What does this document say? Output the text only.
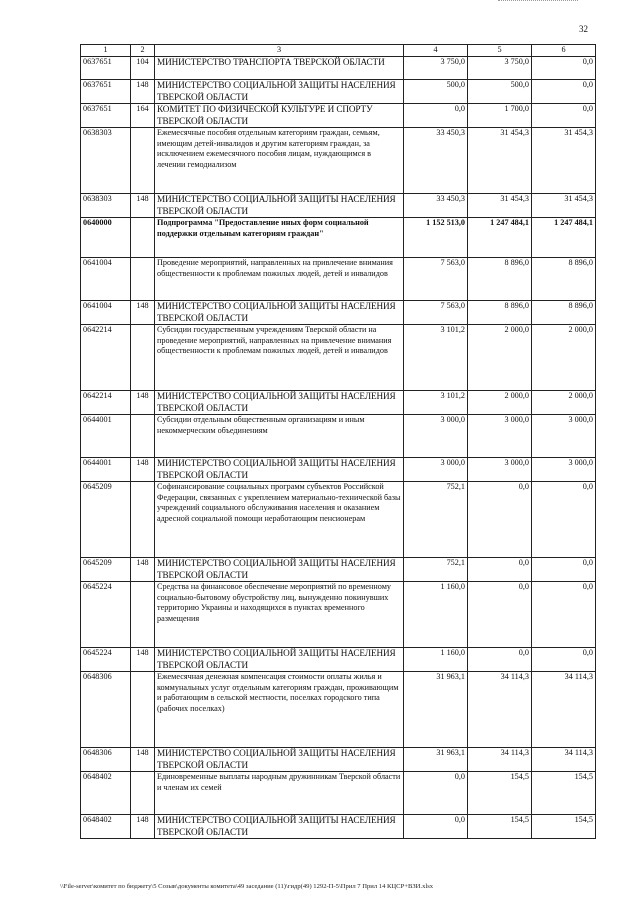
32
1	2	3	4	5	6
0637651	104	МИНИСТЕРСТВО ТРАНСПОРТА ТВЕРСКОЙ ОБЛАСТИ	3 750,0	3 750,0	0,0
0637651	148	МИНИСТЕРСТВО СОЦИАЛЬНОЙ ЗАЩИТЫ НАСЕЛЕНИЯ ТВЕРСКОЙ ОБЛАСТИ	500,0	500,0	0,0
0637651	164	КОМИТЕТ ПО ФИЗИЧЕСКОЙ КУЛЬТУРЕ И СПОРТУ ТВЕРСКОЙ ОБЛАСТИ	0,0	1 700,0	0,0
0638303		Ежемесячные пособия отдельным категориям граждан, семьям, имеющим детей-инвалидов и другим категориям граждан, за исключением ежемесячного пособия лицам, нуждающимся в лечении гемодиализом	33 450,3	31 454,3	31 454,3
0638303	148	МИНИСТЕРСТВО СОЦИАЛЬНОЙ ЗАЩИТЫ НАСЕЛЕНИЯ ТВЕРСКОЙ ОБЛАСТИ	33 450,3	31 454,3	31 454,3
0640000		Подпрограмма "Предоставление иных форм социальной поддержки отдельным категориям граждан"	1 152 513,0	1 247 484,1	1 247 484,1
0641004		Проведение мероприятий, направленных на привлечение внимания общественности к проблемам пожилых людей, детей и инвалидов	7 563,0	8 896,0	8 896,0
0641004	148	МИНИСТЕРСТВО СОЦИАЛЬНОЙ ЗАЩИТЫ НАСЕЛЕНИЯ ТВЕРСКОЙ ОБЛАСТИ	7 563,0	8 896,0	8 896,0
0642214		Субсидии государственным учреждениям Тверской области на проведение мероприятий, направленных на привлечение внимания общественности к проблемам пожилых людей, детей и инвалидов	3 101,2	2 000,0	2 000,0
0642214	148	МИНИСТЕРСТВО СОЦИАЛЬНОЙ ЗАЩИТЫ НАСЕЛЕНИЯ ТВЕРСКОЙ ОБЛАСТИ	3 101,2	2 000,0	2 000,0
0644001		Субсидии отдельным общественным организациям и иным некоммерческим объединениям	3 000,0	3 000,0	3 000,0
0644001	148	МИНИСТЕРСТВО СОЦИАЛЬНОЙ ЗАЩИТЫ НАСЕЛЕНИЯ ТВЕРСКОЙ ОБЛАСТИ	3 000,0	3 000,0	3 000,0
0645209		Софинансирование социальных программ субъектов Российской Федерации, связанных с укреплением материально-технической базы учреждений социального обслуживания населения и оказанием адресной социальной помощи неработающим пенсионерам	752,1	0,0	0,0
0645209	148	МИНИСТЕРСТВО СОЦИАЛЬНОЙ ЗАЩИТЫ НАСЕЛЕНИЯ ТВЕРСКОЙ ОБЛАСТИ	752,1	0,0	0,0
0645224		Средства на финансовое обеспечение мероприятий по временному социально-бытовому обустройству лиц, вынужденно покинувших территорию Украины и находящихся в пунктах временного размещения	1 160,0	0,0	0,0
0645224	148	МИНИСТЕРСТВО СОЦИАЛЬНОЙ ЗАЩИТЫ НАСЕЛЕНИЯ ТВЕРСКОЙ ОБЛАСТИ	1 160,0	0,0	0,0
0648306		Ежемесячная денежная компенсация стоимости оплаты жилья и коммунальных услуг отдельным категориям граждан, проживающим и работающим в сельской местности, поселках городского типа (рабочих поселках)	31 963,1	34 114,3	34 114,3
0648306	148	МИНИСТЕРСТВО СОЦИАЛЬНОЙ ЗАЩИТЫ НАСЕЛЕНИЯ ТВЕРСКОЙ ОБЛАСТИ	31 963,1	34 114,3	34 114,3
0648402		Единовременные выплаты народным дружинникам Тверской области и членам их семей	0,0	154,5	154,5
0648402	148	МИНИСТЕРСТВО СОЦИАЛЬНОЙ ЗАЩИТЫ НАСЕЛЕНИЯ ТВЕРСКОЙ ОБЛАСТИ	0,0	154,5	154,5
\\File-server\комитет по бюджету\5 Созыв\документы комитета\49 заседание (11)\гидр(49) 1292-П-5\Прил 7 Прил 14 КЦСР+ВЗИ.xlsx
